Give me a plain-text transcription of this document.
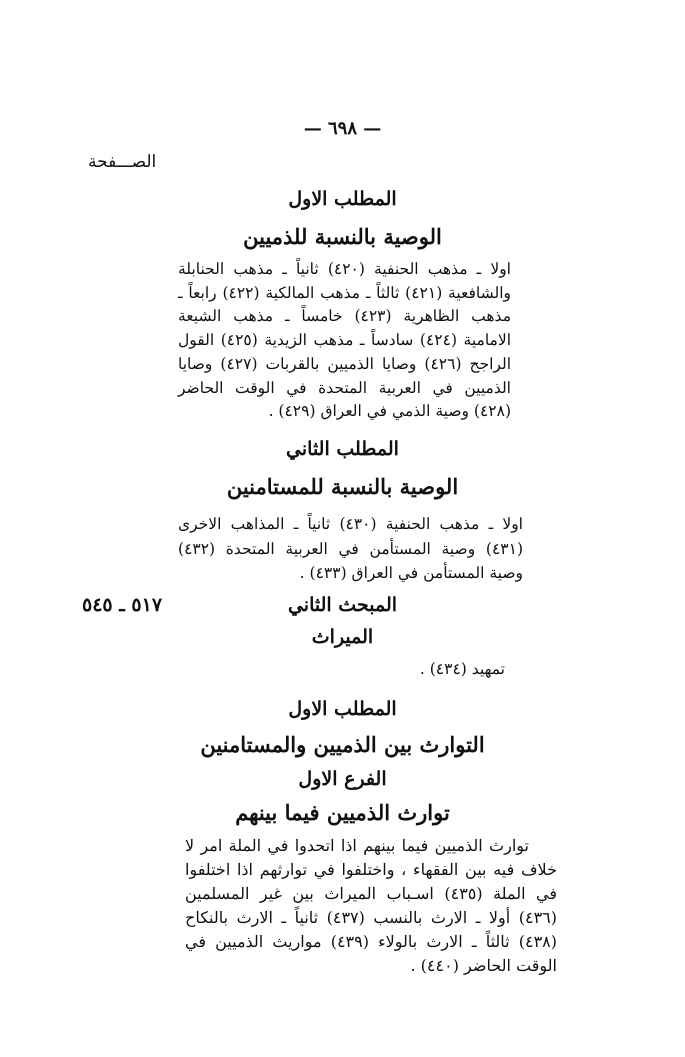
— ٦٩٨ —
الصـــفحة
المطلب الاول
الوصية بالنسبة للذميين
اولا ـ مذهب الحنفية (٤٢٠) ثانياً ـ مذهب الحنابلة والشافعية (٤٢١) ثالثاً ـ مذهب المالكية (٤٢٢) رابعاً ـ مذهب الظاهرية (٤٢٣) خامساً ـ مذهب الشيعة الامامية (٤٢٤) سادساً ـ مذهب الزيدية (٤٢٥) القول الراجح (٤٢٦) وصايا الذميين بالقربات (٤٢٧) وصايا الذميين في العربية المتحدة في الوقت الحاضر (٤٢٨) وصية الذمي في العراق (٤٢٩) .
المطلب الثاني
الوصية بالنسبة للمستامنين
اولا ـ مذهب الحنفية (٤٣٠) ثانياً ـ المذاهب الاخرى (٤٣١) وصية المستأمن في العربية المتحدة (٤٣٢) وصية المستأمن في العراق (٤٣٣) .
المبحث الثاني
٥١٧ ـ ٥٤٥
الميراث
تمهيد (٤٣٤) .
المطلب الاول
التوارث بين الذميين والمستامنين
الفرع الاول
توارث الذميين فيما بينهم
توارث الذميين فيما بينهم اذا اتحدوا في الملة امر لا خلاف فيه بين الفقهاء ، واختلفوا في توارثهم اذا اختلفوا في الملة (٤٣٥) اسـباب الميراث بين غير المسلمين (٤٣٦) أولا ـ الارث بالنسب (٤٣٧) ثانياً ـ الارث بالنكاح (٤٣٨) ثالثاً ـ الارث بالولاء (٤٣٩) مواريث الذميين في الوقت الحاضر (٤٤٠) .
